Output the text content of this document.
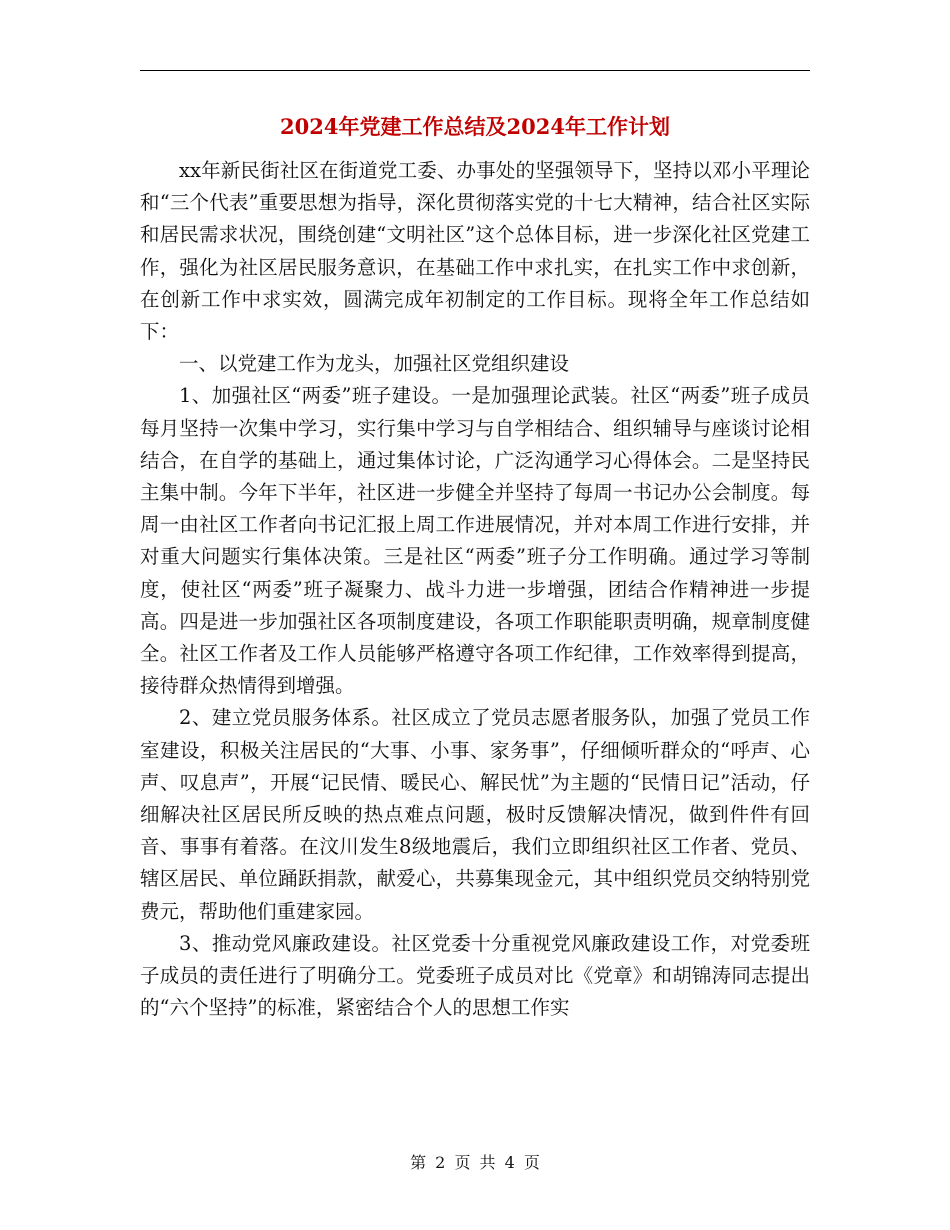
2024年党建工作总结及2024年工作计划

xx年新民街社区在街道党工委、办事处的坚强领导下，坚持以邓小平理论和“三个代表”重要思想为指导，深化贯彻落实党的十七大精神，结合社区实际和居民需求状况，围绕创建“文明社区”这个总体目标，进一步深化社区党建工作，强化为社区居民服务意识，在基础工作中求扎实，在扎实工作中求创新，在创新工作中求实效，圆满完成年初制定的工作目标。现将全年工作总结如下：

一、以党建工作为龙头，加强社区党组织建设

1、加强社区“两委”班子建设。一是加强理论武装。社区“两委”班子成员每月坚持一次集中学习，实行集中学习与自学相结合、组织辅导与座谈讨论相结合，在自学的基础上，通过集体讨论，广泛沟通学习心得体会。二是坚持民主集中制。今年下半年，社区进一步健全并坚持了每周一书记办公会制度。每周一由社区工作者向书记汇报上周工作进展情况，并对本周工作进行安排，并对重大问题实行集体决策。三是社区“两委”班子分工作明确。通过学习等制度，使社区“两委”班子凝聚力、战斗力进一步增强，团结合作精神进一步提高。四是进一步加强社区各项制度建设，各项工作职能职责明确，规章制度健全。社区工作者及工作人员能够严格遵守各项工作纪律，工作效率得到提高，接待群众热情得到增强。

2、建立党员服务体系。社区成立了党员志愿者服务队，加强了党员工作室建设，积极关注居民的“大事、小事、家务事”，仔细倾听群众的“呼声、心声、叹息声”，开展“记民情、暖民心、解民忧”为主题的“民情日记”活动，仔细解决社区居民所反映的热点难点问题，极时反馈解决情况，做到件件有回音、事事有着落。在汶川发生8级地震后，我们立即组织社区工作者、党员、辖区居民、单位踊跃捐款，献爱心，共募集现金元，其中组织党员交纳特别党费元，帮助他们重建家园。

3、推动党风廉政建设。社区党委十分重视党风廉政建设工作，对党委班子成员的责任进行了明确分工。党委班子成员对比《党章》和胡锦涛同志提出的“六个坚持”的标准，紧密结合个人的思想工作实

第 2 页 共 4 页
